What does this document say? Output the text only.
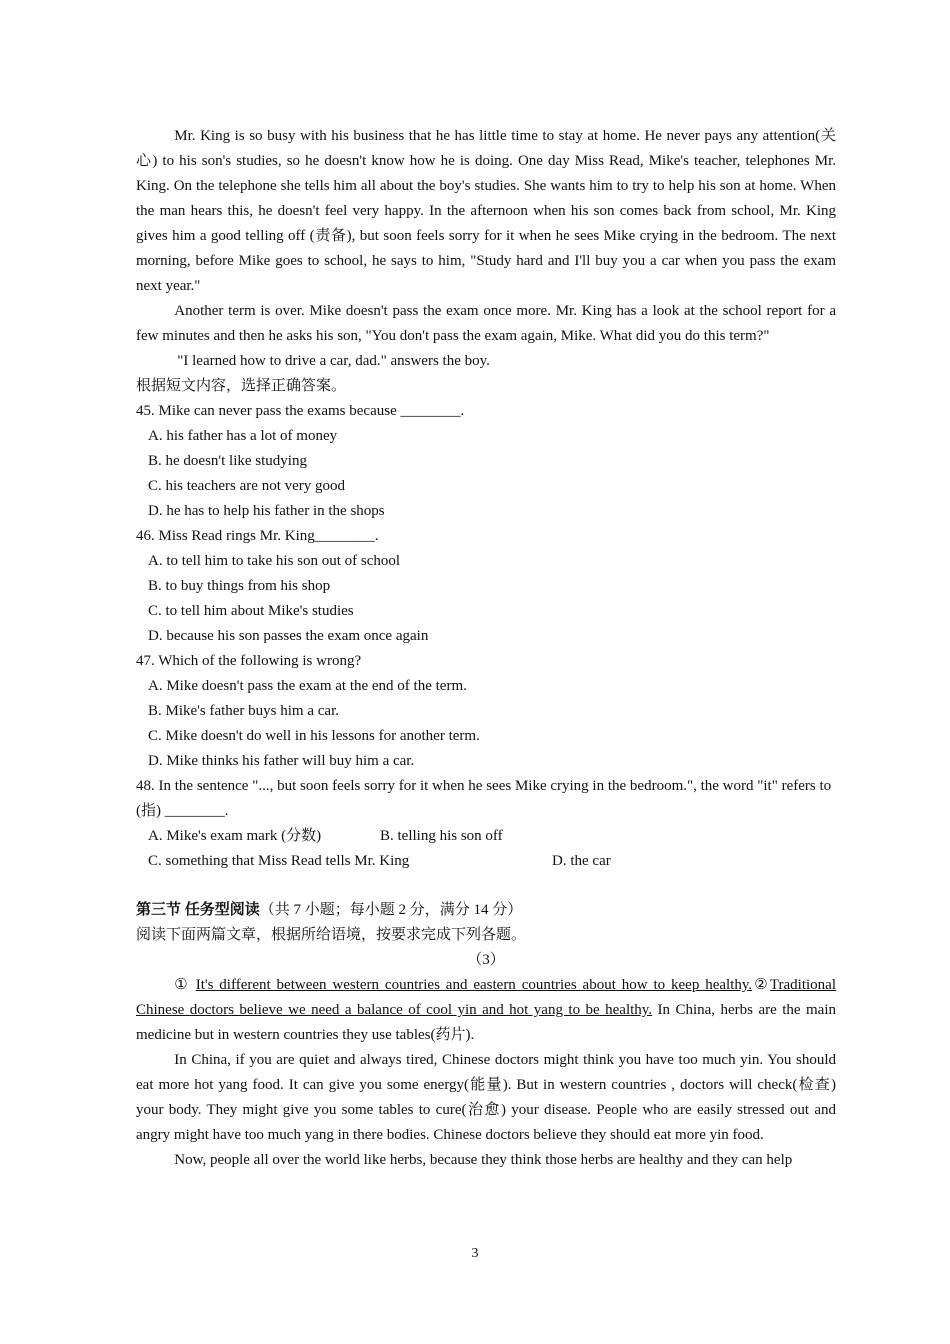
Mr. King is so busy with his business that he has little time to stay at home. He never pays any attention(关心) to his son's studies, so he doesn't know how he is doing. One day Miss Read, Mike's teacher, telephones Mr. King. On the telephone she tells him all about the boy's studies. She wants him to try to help his son at home. When the man hears this, he doesn't feel very happy. In the afternoon when his son comes back from school, Mr. King gives him a good telling off (责备), but soon feels sorry for it when he sees Mike crying in the bedroom. The next morning, before Mike goes to school, he says to him, "Study hard and I'll buy you a car when you pass the exam next year."

Another term is over. Mike doesn't pass the exam once more. Mr. King has a look at the school report for a few minutes and then he asks his son, "You don't pass the exam again, Mike. What did you do this term?"

"I learned how to drive a car, dad." answers the boy.

根据短文内容，选择正确答案。

45. Mike can never pass the exams because ________.

A. his father has a lot of money

B. he doesn't like studying

C. his teachers are not very good

D. he has to help his father in the shops

46. Miss Read rings Mr. King________.

A. to tell him to take his son out of school

B. to buy things from his shop

C. to tell him about Mike's studies

D. because his son passes the exam once again

47. Which of the following is wrong?

A. Mike doesn't pass the exam at the end of the term.

B. Mike's father buys him a car.

C. Mike doesn't do well in his lessons for another term.

D. Mike thinks his father will buy him a car.

48. In the sentence "..., but soon feels sorry for it when he sees Mike crying in the bedroom.", the word "it" refers to (指) ________.

A. Mike's exam mark (分数)	B. telling his son off
C. something that Miss Read tells Mr. King	D. the car

第三节 任务型阅读（共 7 小题；每小题 2 分，满分 14 分）

阅读下面两篇文章，根据所给语境，按要求完成下列各题。

（3）

① It's different between western countries and eastern countries about how to keep healthy.②Traditional Chinese doctors believe we need a balance of cool yin and hot yang to be healthy. In China, herbs are the main medicine but in western countries they use tables(药片).

In China, if you are quiet and always tired, Chinese doctors might think you have too much yin. You should eat more hot yang food. It can give you some energy(能量). But in western countries , doctors will check(检查) your body. They might give you some tables to cure(治愈) your disease. People who are easily stressed out and angry might have too much yang in there bodies. Chinese doctors believe they should eat more yin food.

Now, people all over the world like herbs, because they think those herbs are healthy and they can help

3
